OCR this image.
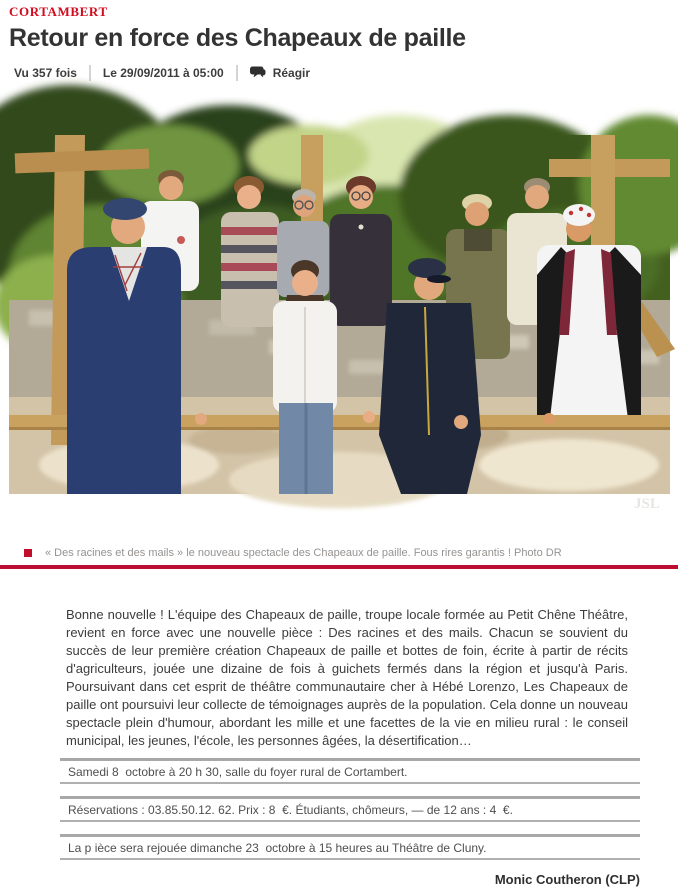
CORTAMBERT
Retour en force des Chapeaux de paille
Vu 357 fois Le 29/09/2011 à 05:00	Réagir
« Des racines et des mails » le nouveau spectacle des Chapeaux de paille. Fous rires garantis ! Photo DR

Bonne nouvelle ! L'équipe des Chapeaux de paille, troupe locale formée au Petit Chêne Théâtre, revient en force avec une nouvelle pièce : Des racines et des mails. Chacun se souvient du succès de leur première création Chapeaux de paille et bottes de foin, écrite à partir de récits d'agriculteurs, jouée une dizaine de fois à guichets fermés dans la région et jusqu'à Paris. Poursuivant dans cet esprit de théâtre communautaire cher à Hébé Lorenzo, Les Chapeaux de paille ont poursuivi leur collecte de témoignages auprès de la population. Cela donne un nouveau spectacle plein d'humour, abordant les mille et une facettes de la vie en milieu rural : le conseil municipal, les jeunes, l'école, les personnes âgées, la désertification…

Samedi 8  octobre à 20 h 30, salle du foyer rural de Cortambert.
Réservations : 03.85.50.12. 62. Prix : 8  €. Étudiants, chômeurs, — de 12 ans : 4  €.
La p ièce sera rejouée dimanche 23  octobre à 15 heures au Théâtre de Cluny.
Monic Coutheron (CLP)
JSL
